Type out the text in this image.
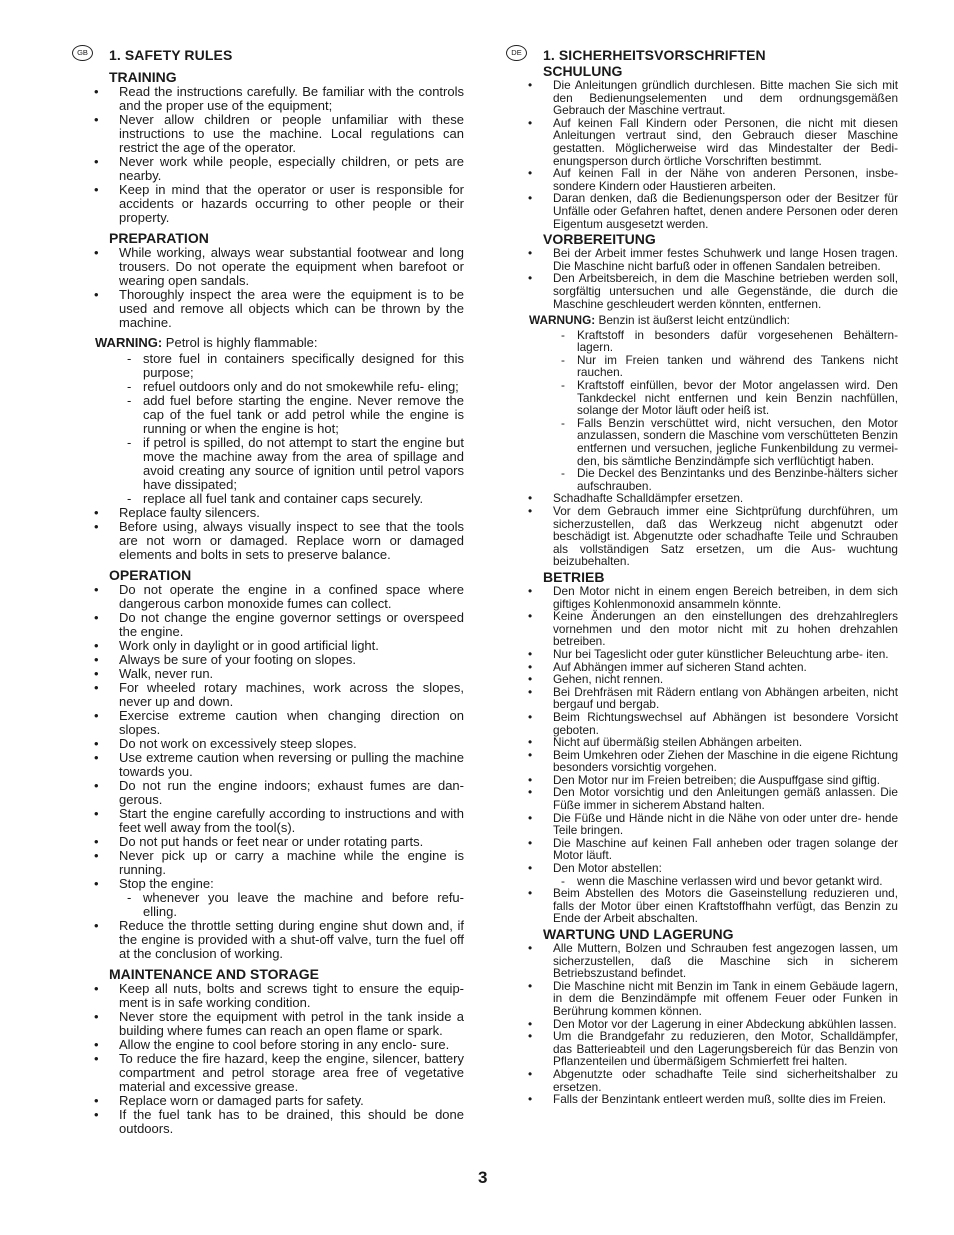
GB	1. SAFETY RULES
TRAINING
• Read the instructions carefully. Be familiar with the controls and the proper use of the equipment;
• Never allow children or people unfamiliar with these instructions to use the machine. Local regulations can restrict the age of the operator.
• Never work while people, especially children, or pets are nearby.
• Keep in mind that the operator or user is responsible for accidents or hazards occurring to other people or their property.
PREPARATION
• While working, always wear substantial footwear and long trousers. Do not operate the equipment when barefoot or wearing open sandals.
• Thoroughly inspect the area were the equipment is to be used and remove all objects which can be thrown by the machine.
WARNING: Petrol is highly flammable:
- store fuel in containers specifically designed for this purpose;
- refuel outdoors only and do not smokewhile refu- eling;
- add fuel before starting the engine. Never remove the cap of the fuel tank or add petrol while the engine is running or when the engine is hot;
- if petrol is spilled, do not attempt to start the engine but move the machine away from the area of spillage and avoid creating any source of ignition until petrol vapors have dissipated;
- replace all fuel tank and container caps securely.
• Replace faulty silencers.
• Before using, always visually inspect to see that the tools are not worn or damaged. Replace worn or damaged elements and bolts in sets to preserve balance.
OPERATION
• Do not operate the engine in a confined space where dangerous carbon monoxide fumes can collect.
• Do not change the engine governor settings or overspeed the engine.
• Work only in daylight or in good artificial light.
• Always be sure of your footing on slopes.
• Walk, never run.
• For wheeled rotary machines, work across the slopes, never up and down.
• Exercise extreme caution when changing direction on slopes.
• Do not work on excessively steep slopes.
• Use extreme caution when reversing or pulling the machine towards you.
• Do not run the engine indoors; exhaust fumes are dan- gerous.
• Start the engine carefully according to instructions and with feet well away from the tool(s).
• Do not put hands or feet near or under rotating parts.
• Never pick up or carry a machine while the engine is running.
• Stop the engine:
- whenever you leave the machine and before refu- elling.
• Reduce the throttle setting during engine shut down and, if the engine is provided with a shut-off valve, turn the fuel off at the conclusion of working.
MAINTENANCE AND STORAGE
• Keep all nuts, bolts and screws tight to ensure the equip- ment is in safe working condition.
• Never store the equipment with petrol in the tank inside a building where fumes can reach an open flame or spark.
• Allow the engine to cool before storing in any enclo- sure.
• To reduce the fire hazard, keep the engine, silencer, battery compartment and petrol storage area free of vegetative material and excessive grease.
• Replace worn or damaged parts for safety.
• If the fuel tank has to be drained, this should be done outdoors.
DE	1. SICHERHEITSVORSCHRIFTEN
SCHULUNG
• Die Anleitungen gründlich durchlesen. Bitte machen Sie sich mit den Bedienungselementen und dem ordnungsgemäßen Gebrauch der Maschine vertraut.
• Auf keinen Fall Kindern oder Personen, die nicht mit diesen Anleitungen vertraut sind, den Gebrauch dieser Maschine gestatten. Möglicherweise wird das Mindestalter der Bedi- enungsperson durch örtliche Vorschriften bestimmt.
• Auf keinen Fall in der Nähe von anderen Personen, insbe- sondere Kindern oder Haustieren arbeiten.
• Daran denken, daß die Bedienungsperson oder der Besitzer für Unfälle oder Gefahren haftet, denen andere Personen oder deren Eigentum ausgesetzt werden.
VORBEREITUNG
• Bei der Arbeit immer festes Schuhwerk und lange Hosen tragen. Die Maschine nicht barfuß oder in offenen Sandalen betreiben.
• Den Arbeitsbereich, in dem die Maschine betrieben werden soll, sorgfältig untersuchen und alle Gegenstände, die durch die Maschine geschleudert werden könnten, entfernen.
WARNUNG: Benzin ist äußerst leicht entzündlich:
- Kraftstoff in besonders dafür vorgesehenen Behältern- lagern.
- Nur im Freien tanken und während des Tankens nicht rauchen.
- Kraftstoff einfüllen, bevor der Motor angelassen wird. Den Tankdeckel nicht entfernen und kein Benzin nachfüllen, solange der Motor läuft oder heiß ist.
- Falls Benzin verschüttet wird, nicht versuchen, den Motor anzulassen, sondern die Maschine vom verschütteten Benzin entfernen und versuchen, jegliche Funkenbildung zu vermei- den, bis sämtliche Benzindämpfe sich verflüchtigt haben.
- Die Deckel des Benzintanks und des Benzinbe-hälters sicher aufschrauben.
• Schadhafte Schalldämpfer ersetzen.
• Vor dem Gebrauch immer eine Sichtprüfung durchführen, um sicherzustellen, daß das Werkzeug nicht abgenutzt oder beschädigt ist. Abgenutzte oder schadhafte Teile und Schrauben als vollständigen Satz ersetzen, um die Aus- wuchtung beizubehalten.
BETRIEB
• Den Motor nicht in einem engen Bereich betreiben, in dem sich giftiges Kohlenmonoxid ansammeln könnte.
• Keine Änderungen an den einstellungen des drehzahlreglers vornehmen und den motor nicht mit zu hohen drehzahlen betreiben.
• Nur bei Tageslicht oder guter künstlicher Beleuchtung arbe- iten.
• Auf Abhängen immer auf sicheren Stand achten.
• Gehen, nicht rennen.
• Bei Drehfräsen mit Rädern entlang von Abhängen arbeiten, nicht bergauf und bergab.
• Beim Richtungswechsel auf Abhängen ist besondere Vorsicht geboten.
• Nicht auf übermäßig steilen Abhängen arbeiten.
• Beim Umkehren oder Ziehen der Maschine in die eigene Richtung besonders vorsichtig vorgehen.
• Den Motor nur im Freien betreiben; die Auspuffgase sind giftig.
• Den Motor vorsichtig und den Anleitungen gemäß anlassen. Die Füße immer in sicherem Abstand halten.
• Die Füße und Hände nicht in die Nähe von oder unter dre- hende Teile bringen.
• Die Maschine auf keinen Fall anheben oder tragen solange der Motor läuft.
• Den Motor abstellen:
- wenn die Maschine verlassen wird und bevor getankt wird.
• Beim Abstellen des Motors die Gaseinstellung reduzieren und, falls der Motor über einen Kraftstoffhahn verfügt, das Benzin zu Ende der Arbeit abschalten.
WARTUNG UND LAGERUNG
• Alle Muttern, Bolzen und Schrauben fest angezogen lassen, um sicherzustellen, daß die Maschine sich in sicherem Betriebszustand befindet.
• Die Maschine nicht mit Benzin im Tank in einem Gebäude lagern, in dem die Benzindämpfe mit offenem Feuer oder Funken in Berührung kommen können.
• Den Motor vor der Lagerung in einer Abdeckung abkühlen lassen.
• Um die Brandgefahr zu reduzieren, den Motor, Schalldämpfer, das Batterieabteil und den Lagerungsbereich für das Benzin von Pflanzenteilen und übermäßigem Schmierfett frei halten.
• Abgenutzte oder schadhafte Teile sind sicherheitshalber zu ersetzen.
• Falls der Benzintank entleert werden muß, sollte dies im Freien.
3
